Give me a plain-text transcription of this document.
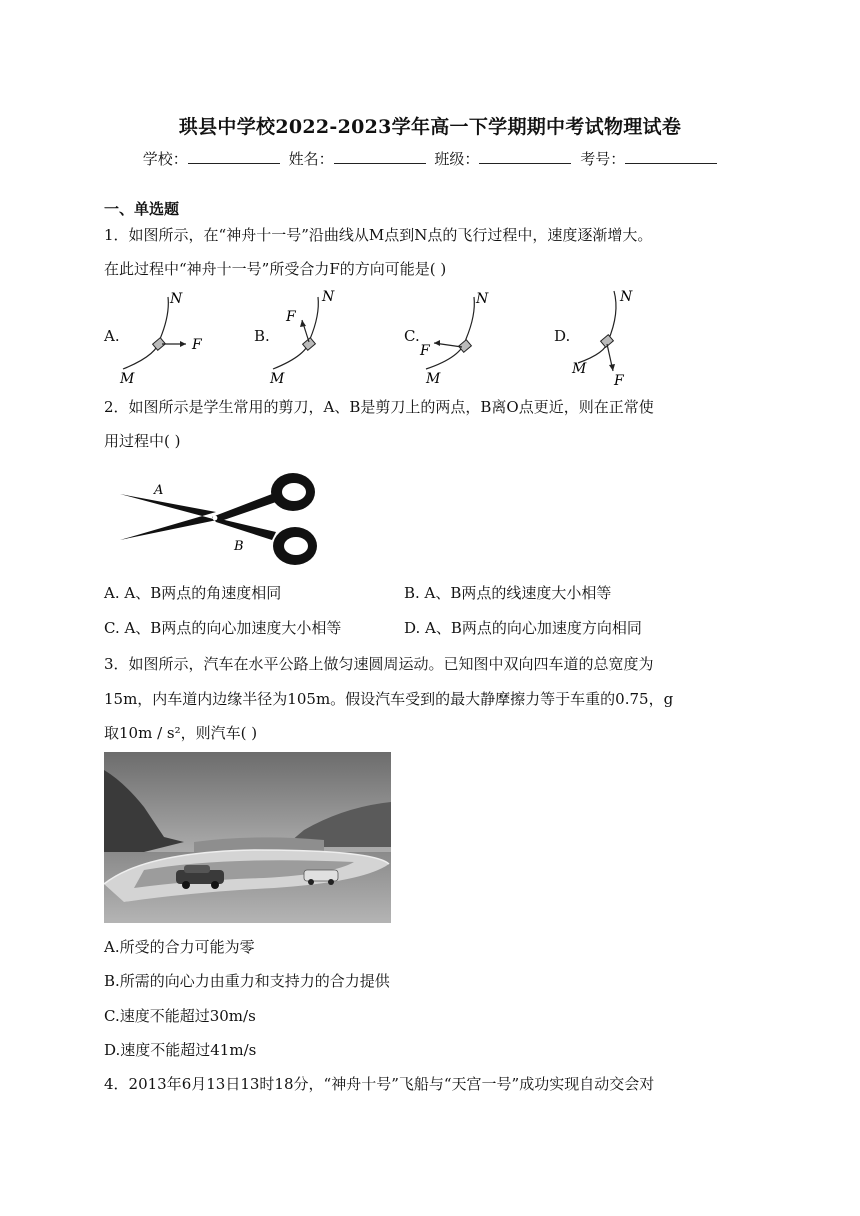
珙县中学校2022-2023学年高一下学期期中考试物理试卷
学校：	姓名：	班级：	考号：
一、单选题
1．如图所示，在“神舟十一号”沿曲线从M点到N点的飞行过程中，速度逐渐增大。
在此过程中“神舟十一号”所受合力F的方向可能是( )
A.
N
M
F	B.
N
M
F
C.
N
M
F
D.
N
M
F
2．如图所示是学生常用的剪刀，A、B是剪刀上的两点，B离O点更近，则在正常使
用过程中( )
A
B
A. A、B两点的角速度相同	B. A、B两点的线速度大小相等
C. A、B两点的向心加速度大小相等	D. A、B两点的向心加速度方向相同
3．如图所示，汽车在水平公路上做匀速圆周运动。已知图中双向四车道的总宽度为
15m，内车道内边缘半径为105m。假设汽车受到的最大静摩擦力等于车重的0.75，g
取10m / s²，则汽车( )
A.所受的合力可能为零
B.所需的向心力由重力和支持力的合力提供
C.速度不能超过30m/s
D.速度不能超过41m/s
4．2013年6月13日13时18分，“神舟十号”飞船与“天宫一号”成功实现自动交会对
